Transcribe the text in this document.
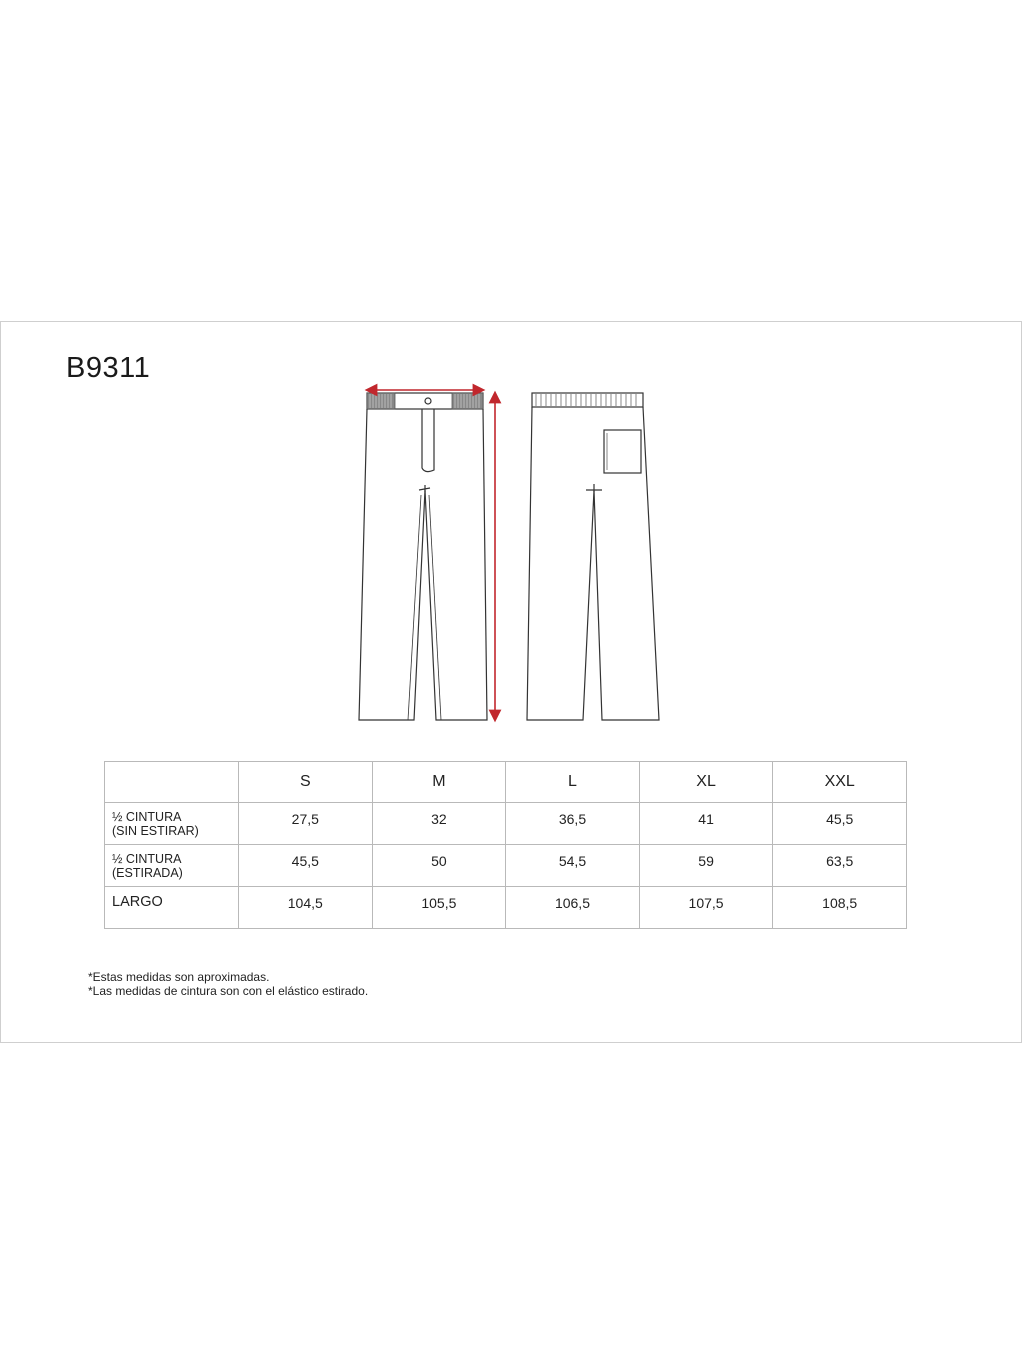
B9311
	S	M	L	XL	XXL

½ CINTURA
(SIN ESTIRAR)	27,5	32	36,5	41	45,5

½ CINTURA
(ESTIRADA)	45,5	50	54,5	59	63,5

LARGO	104,5	105,5	106,5	107,5	108,5
*Estas medidas son aproximadas.
*Las medidas de cintura son con el elástico estirado.
